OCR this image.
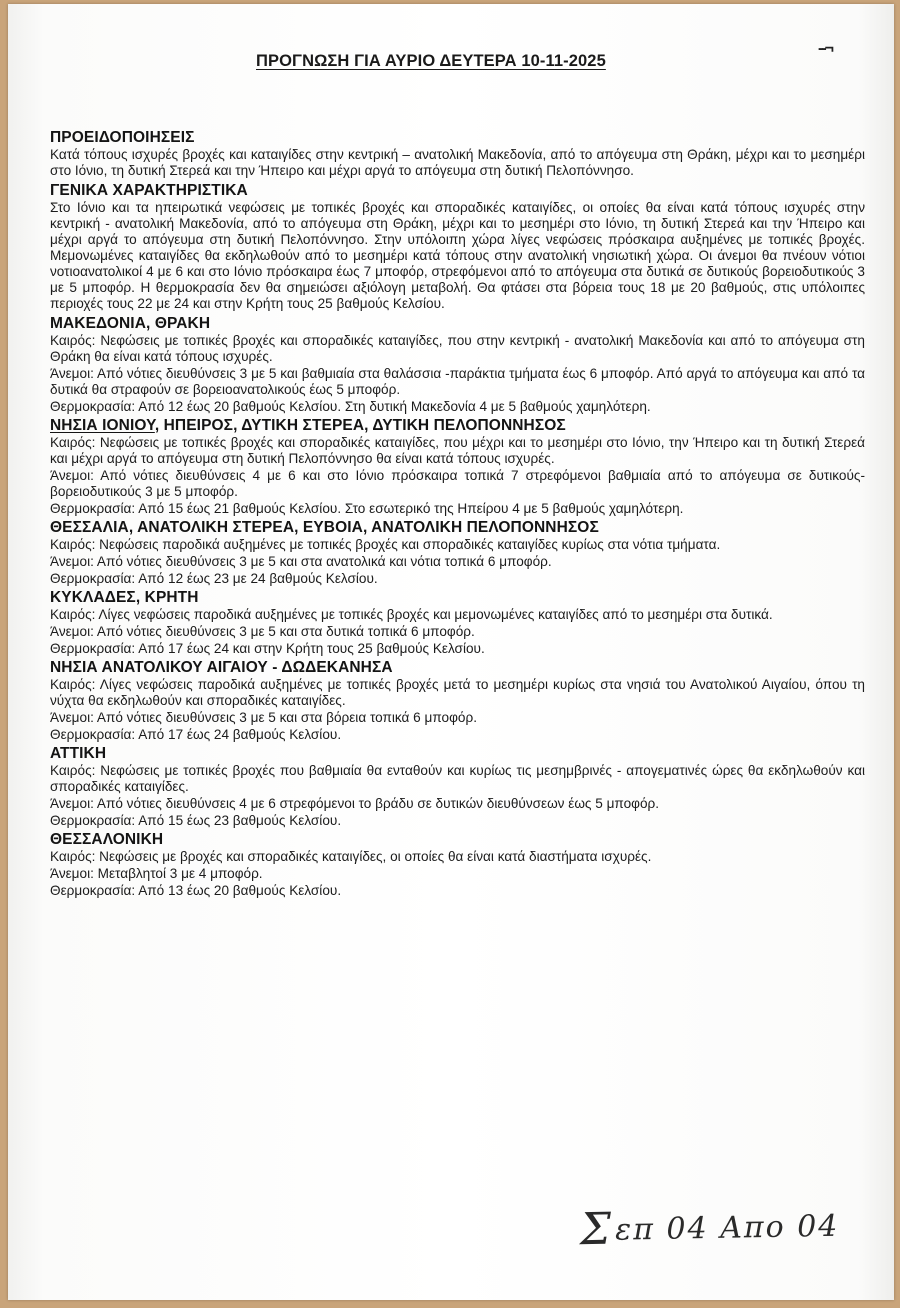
--¬
ΠΡΟΓΝΩΣΗ ΓΙΑ ΑΥΡΙΟ ΔΕΥΤΕΡΑ 10-11-2025
ΠΡΟΕΙΔΟΠΟΙΗΣΕΙΣ

Κατά τόπους ισχυρές βροχές και καταιγίδες στην κεντρική – ανατολική Μακεδονία, από το απόγευμα στη Θράκη, μέχρι και το μεσημέρι στο Ιόνιο, τη δυτική Στερεά και την Ήπειρο και μέχρι αργά το απόγευμα στη δυτική Πελοπόννησο.

ΓΕΝΙΚΑ ΧΑΡΑΚΤΗΡΙΣΤΙΚΑ

Στο Ιόνιο και τα ηπειρωτικά νεφώσεις με τοπικές βροχές και σποραδικές καταιγίδες, οι οποίες θα είναι κατά τόπους ισχυρές στην κεντρική - ανατολική Μακεδονία, από το απόγευμα στη Θράκη, μέχρι και το μεσημέρι στο Ιόνιο, τη δυτική Στερεά και την Ήπειρο και μέχρι αργά το απόγευμα στη δυτική Πελοπόννησο. Στην υπόλοιπη χώρα λίγες νεφώσεις πρόσκαιρα αυξημένες με τοπικές βροχές. Μεμονωμένες καταιγίδες θα εκδηλωθούν από το μεσημέρι κατά τόπους στην ανατολική νησιωτική χώρα. Οι άνεμοι θα πνέουν νότιοι νοτιοανατολικοί 4 με 6 και στο Ιόνιο πρόσκαιρα έως 7 μποφόρ, στρεφόμενοι από το απόγευμα στα δυτικά σε δυτικούς βορειοδυτικούς 3 με 5 μποφόρ. Η θερμοκρασία δεν θα σημειώσει αξιόλογη μεταβολή. Θα φτάσει στα βόρεια τους 18 με 20 βαθμούς, στις υπόλοιπες περιοχές τους 22 με 24 και στην Κρήτη τους 25 βαθμούς Κελσίου.

ΜΑΚΕΔΟΝΙΑ, ΘΡΑΚΗ

Καιρός: Νεφώσεις με τοπικές βροχές και σποραδικές καταιγίδες, που στην κεντρική - ανατολική Μακεδονία και από το απόγευμα στη Θράκη θα είναι κατά τόπους ισχυρές.

Άνεμοι: Από νότιες διευθύνσεις 3 με 5 και βαθμιαία στα θαλάσσια -παράκτια τμήματα έως 6 μποφόρ. Από αργά το απόγευμα και από τα δυτικά θα στραφούν σε βορειοανατολικούς έως 5 μποφόρ.

Θερμοκρασία: Από 12 έως 20 βαθμούς Κελσίου. Στη δυτική Μακεδονία 4 με 5 βαθμούς χαμηλότερη.

ΝΗΣΙΑ ΙΟΝΙΟΥ, ΗΠΕΙΡΟΣ, ΔΥΤΙΚΗ ΣΤΕΡΕΑ, ΔΥΤΙΚΗ ΠΕΛΟΠΟΝΝΗΣΟΣ

Καιρός: Νεφώσεις με τοπικές βροχές και σποραδικές καταιγίδες, που μέχρι και το μεσημέρι στο Ιόνιο, την Ήπειρο και τη δυτική Στερεά και μέχρι αργά το απόγευμα στη δυτική Πελοπόννησο θα είναι κατά τόπους ισχυρές.

Άνεμοι: Από νότιες διευθύνσεις 4 με 6 και στο Ιόνιο πρόσκαιρα τοπικά 7 στρεφόμενοι βαθμιαία από το απόγευμα σε δυτικούς-βορειοδυτικούς 3 με 5 μποφόρ.

Θερμοκρασία: Από 15 έως 21 βαθμούς Κελσίου. Στο εσωτερικό της Ηπείρου 4 με 5 βαθμούς χαμηλότερη.

ΘΕΣΣΑΛΙΑ, ΑΝΑΤΟΛΙΚΗ ΣΤΕΡΕΑ, ΕΥΒΟΙΑ, ΑΝΑΤΟΛΙΚΗ ΠΕΛΟΠΟΝΝΗΣΟΣ

Καιρός: Νεφώσεις παροδικά αυξημένες με τοπικές βροχές και σποραδικές καταιγίδες κυρίως στα νότια τμήματα.

Άνεμοι: Από νότιες διευθύνσεις 3 με 5 και στα ανατολικά και νότια τοπικά 6 μποφόρ.

Θερμοκρασία: Από 12 έως 23 με 24 βαθμούς Κελσίου.

ΚΥΚΛΑΔΕΣ, ΚΡΗΤΗ

Καιρός: Λίγες νεφώσεις παροδικά αυξημένες με τοπικές βροχές και μεμονωμένες καταιγίδες από το μεσημέρι στα δυτικά.

Άνεμοι: Από νότιες διευθύνσεις 3 με 5 και στα δυτικά τοπικά 6 μποφόρ.

Θερμοκρασία: Από 17 έως 24 και στην Κρήτη τους 25 βαθμούς Κελσίου.

ΝΗΣΙΑ ΑΝΑΤΟΛΙΚΟΥ ΑΙΓΑΙΟΥ - ΔΩΔΕΚΑΝΗΣΑ

Καιρός: Λίγες νεφώσεις παροδικά αυξημένες με τοπικές βροχές μετά το μεσημέρι κυρίως στα νησιά του Ανατολικού Αιγαίου, όπου τη νύχτα θα εκδηλωθούν και σποραδικές καταιγίδες.

Άνεμοι: Από νότιες διευθύνσεις 3 με 5 και στα βόρεια τοπικά 6 μποφόρ.

Θερμοκρασία: Από 17 έως 24 βαθμούς Κελσίου.

ΑΤΤΙΚΗ

Καιρός: Νεφώσεις με τοπικές βροχές που βαθμιαία θα ενταθούν και κυρίως τις μεσημβρινές - απογεματινές ώρες θα εκδηλωθούν και σποραδικές καταιγίδες.

Άνεμοι: Από νότιες διευθύνσεις 4 με 6 στρεφόμενοι το βράδυ σε δυτικών διευθύνσεων έως 5 μποφόρ.

Θερμοκρασία: Από 15 έως 23 βαθμούς Κελσίου.

ΘΕΣΣΑΛΟΝΙΚΗ

Καιρός: Νεφώσεις με βροχές και σποραδικές καταιγίδες, οι οποίες θα είναι κατά διαστήματα ισχυρές.

Άνεμοι: Μεταβλητοί 3 με 4 μποφόρ.

Θερμοκρασία: Από 13 έως 20 βαθμούς Κελσίου.

Σεπ 04 Απο 04
